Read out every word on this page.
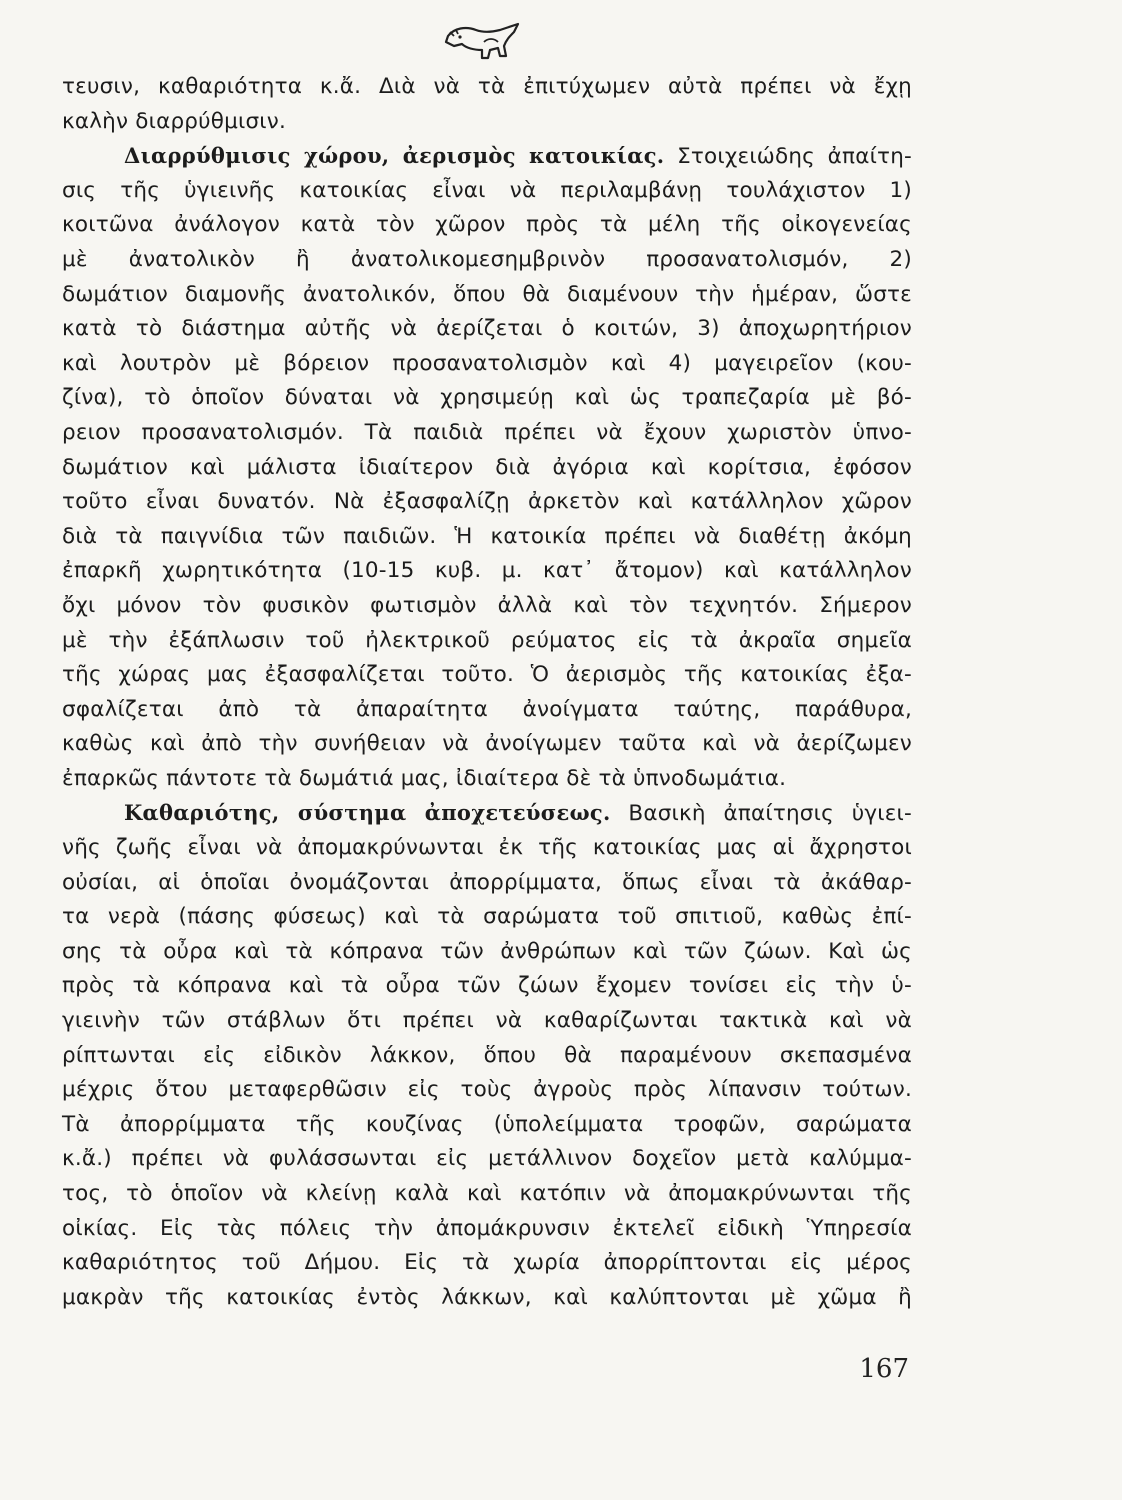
τευσιν, καθαριότητα κ.ἄ. Διὰ νὰ τὰ ἐπιτύχωμεν αὐτὰ πρέπει νὰ ἔχῃ
καλὴν διαρρύθμισιν.
Διαρρύθμισις χώρου, ἀερισμὸς κατοικίας. Στοιχειώδης ἀπαίτη-
σις τῆς ὑγιεινῆς κατοικίας εἶναι νὰ περιλαμβάνῃ τουλάχιστον 1)
κοιτῶνα ἀνάλογον κατὰ τὸν χῶρον πρὸς τὰ μέλη τῆς οἰκογενείας
μὲ ἀνατολικὸν ἢ ἀνατολικομεσημβρινὸν προσανατολισμόν, 2)
δωμάτιον διαμονῆς ἀνατολικόν, ὅπου θὰ διαμένουν τὴν ἡμέραν, ὥστε
κατὰ τὸ διάστημα αὐτῆς νὰ ἀερίζεται ὁ κοιτών, 3) ἀποχωρητήριον
καὶ λουτρὸν μὲ βόρειον προσανατολισμὸν καὶ 4) μαγειρεῖον (κου-
ζίνα), τὸ ὁποῖον δύναται νὰ χρησιμεύῃ καὶ ὡς τραπεζαρία μὲ βό-
ρειον προσανατολισμόν. Τὰ παιδιὰ πρέπει νὰ ἔχουν χωριστὸν ὑπνο-
δωμάτιον καὶ μάλιστα ἰδιαίτερον διὰ ἀγόρια καὶ κορίτσια, ἐφόσον
τοῦτο εἶναι δυνατόν. Νὰ ἐξασφαλίζῃ ἀρκετὸν καὶ κατάλληλον χῶρον
διὰ τὰ παιγνίδια τῶν παιδιῶν. Ἡ κατοικία πρέπει νὰ διαθέτῃ ἀκόμη
ἐπαρκῆ χωρητικότητα (10-15 κυβ. μ. κατ᾽ ἄτομον) καὶ κατάλληλον
ὄχι μόνον τὸν φυσικὸν φωτισμὸν ἀλλὰ καὶ τὸν τεχνητόν. Σήμερον
μὲ τὴν ἐξάπλωσιν τοῦ ἠλεκτρικοῦ ρεύματος εἰς τὰ ἀκραῖα σημεῖα
τῆς χώρας μας ἐξασφαλίζεται τοῦτο. Ὁ ἀερισμὸς τῆς κατοικίας ἐξα-
σφαλίζεται ἀπὸ τὰ ἀπαραίτητα ἀνοίγματα ταύτης, παράθυρα,
καθὼς καὶ ἀπὸ τὴν συνήθειαν νὰ ἀνοίγωμεν ταῦτα καὶ νὰ ἀερίζωμεν
ἐπαρκῶς πάντοτε τὰ δωμάτιά μας, ἰδιαίτερα δὲ τὰ ὑπνοδωμάτια.
Καθαριότης, σύστημα ἀποχετεύσεως. Βασικὴ ἀπαίτησις ὑγιει-
νῆς ζωῆς εἶναι νὰ ἀπομακρύνωνται ἐκ τῆς κατοικίας μας αἱ ἄχρηστοι
οὐσίαι, αἱ ὁποῖαι ὀνομάζονται ἀπορρίμματα, ὅπως εἶναι τὰ ἀκάθαρ-
τα νερὰ (πάσης φύσεως) καὶ τὰ σαρώματα τοῦ σπιτιοῦ, καθὼς ἐπί-
σης τὰ οὖρα καὶ τὰ κόπρανα τῶν ἀνθρώπων καὶ τῶν ζώων. Καὶ ὡς
πρὸς τὰ κόπρανα καὶ τὰ οὖρα τῶν ζώων ἔχομεν τονίσει εἰς τὴν ὑ-
γιεινὴν τῶν στάβλων ὅτι πρέπει νὰ καθαρίζωνται τακτικὰ καὶ νὰ
ρίπτωνται εἰς εἰδικὸν λάκκον, ὅπου θὰ παραμένουν σκεπασμένα
μέχρις ὅτου μεταφερθῶσιν εἰς τοὺς ἀγροὺς πρὸς λίπανσιν τούτων.
Τὰ ἀπορρίμματα τῆς κουζίνας (ὑπολείμματα τροφῶν, σαρώματα
κ.ἄ.) πρέπει νὰ φυλάσσωνται εἰς μετάλλινον δοχεῖον μετὰ καλύμμα-
τος, τὸ ὁποῖον νὰ κλείνῃ καλὰ καὶ κατόπιν νὰ ἀπομακρύνωνται τῆς
οἰκίας. Εἰς τὰς πόλεις τὴν ἀπομάκρυνσιν ἐκτελεῖ εἰδικὴ Ὑπηρεσία
καθαριότητος τοῦ Δήμου. Εἰς τὰ χωρία ἀπορρίπτονται εἰς μέρος
μακρὰν τῆς κατοικίας ἐντὸς λάκκων, καὶ καλύπτονται μὲ χῶμα ἢ
167
